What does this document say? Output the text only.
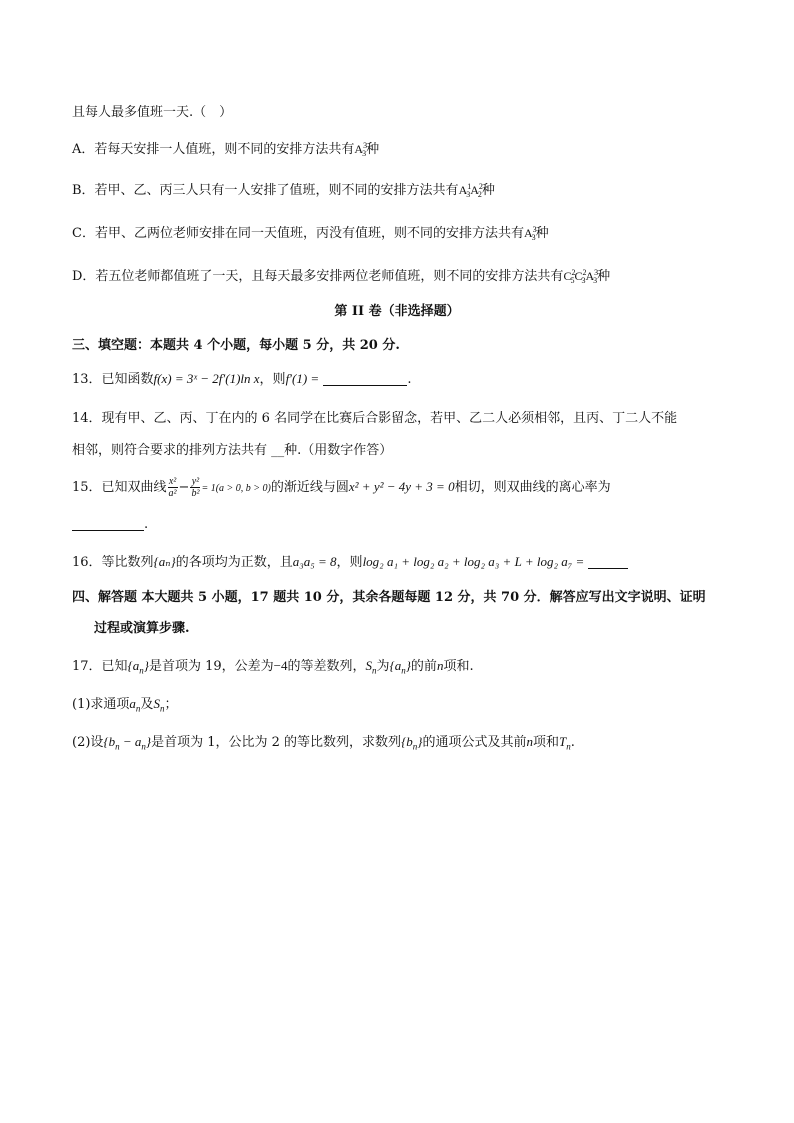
且每人最多值班一天.（　）
A．若每天安排一人值班，则不同的安排方法共有$A^3_3$种
B．若甲、乙、丙三人只有一人安排了值班，则不同的安排方法共有$A^1_3A^2_2$种
C．若甲、乙两位老师安排在同一天值班，丙没有值班，则不同的安排方法共有$A^3_3$种
D．若五位老师都值班了一天，且每天最多安排两位老师值班，则不同的安排方法共有$C^2_5C^2_3A^3_3$种
第 II 卷（非选择题）
三、填空题：本题共 4 个小题，每小题 5 分，共 20 分.
13．已知函数f(x) = 3ˣ − 2f′(1)ln x，则f′(1) =	.
14．现有甲、乙、丙、丁在内的 6 名同学在比赛后合影留念，若甲、乙二人必须相邻，且丙、丁二人不能
相邻，则符合要求的排列方法共有 __种.（用数字作答）
15．已知双曲线 $\frac{\text{x²}}{\text{a²}} - \frac{\text{y²}}{\text{b²}} = 1(a > 0$, b > 0)的渐近线与圆x² + y² − 4y + 3 = 0相切，则双曲线的离心率为
.
16．等比数列{aₙ}的各项均为正数，且a₃a₅ = 8，则log₂ a₁ + log₂ a₂ + log₂ a₃ + L + log₂ a₇ =
四、解答题 本大题共 5 小题，17 题共 10 分，其余各题每题 12 分，共 70 分．解答应写出文字说明、证明
过程或演算步骤.
17．已知$\{a_n\}$是首项为 19，公差为−4的等差数列，$S_n$为$\{a_n\}$的前n项和.
(1)求通项$a_n$及$S_n$；
(2)设$\{b_n - a_n\}$是首项为 1，公比为 2 的等比数列，求数列$\{b_n\}$的通项公式及其前n项和$T_n$.
